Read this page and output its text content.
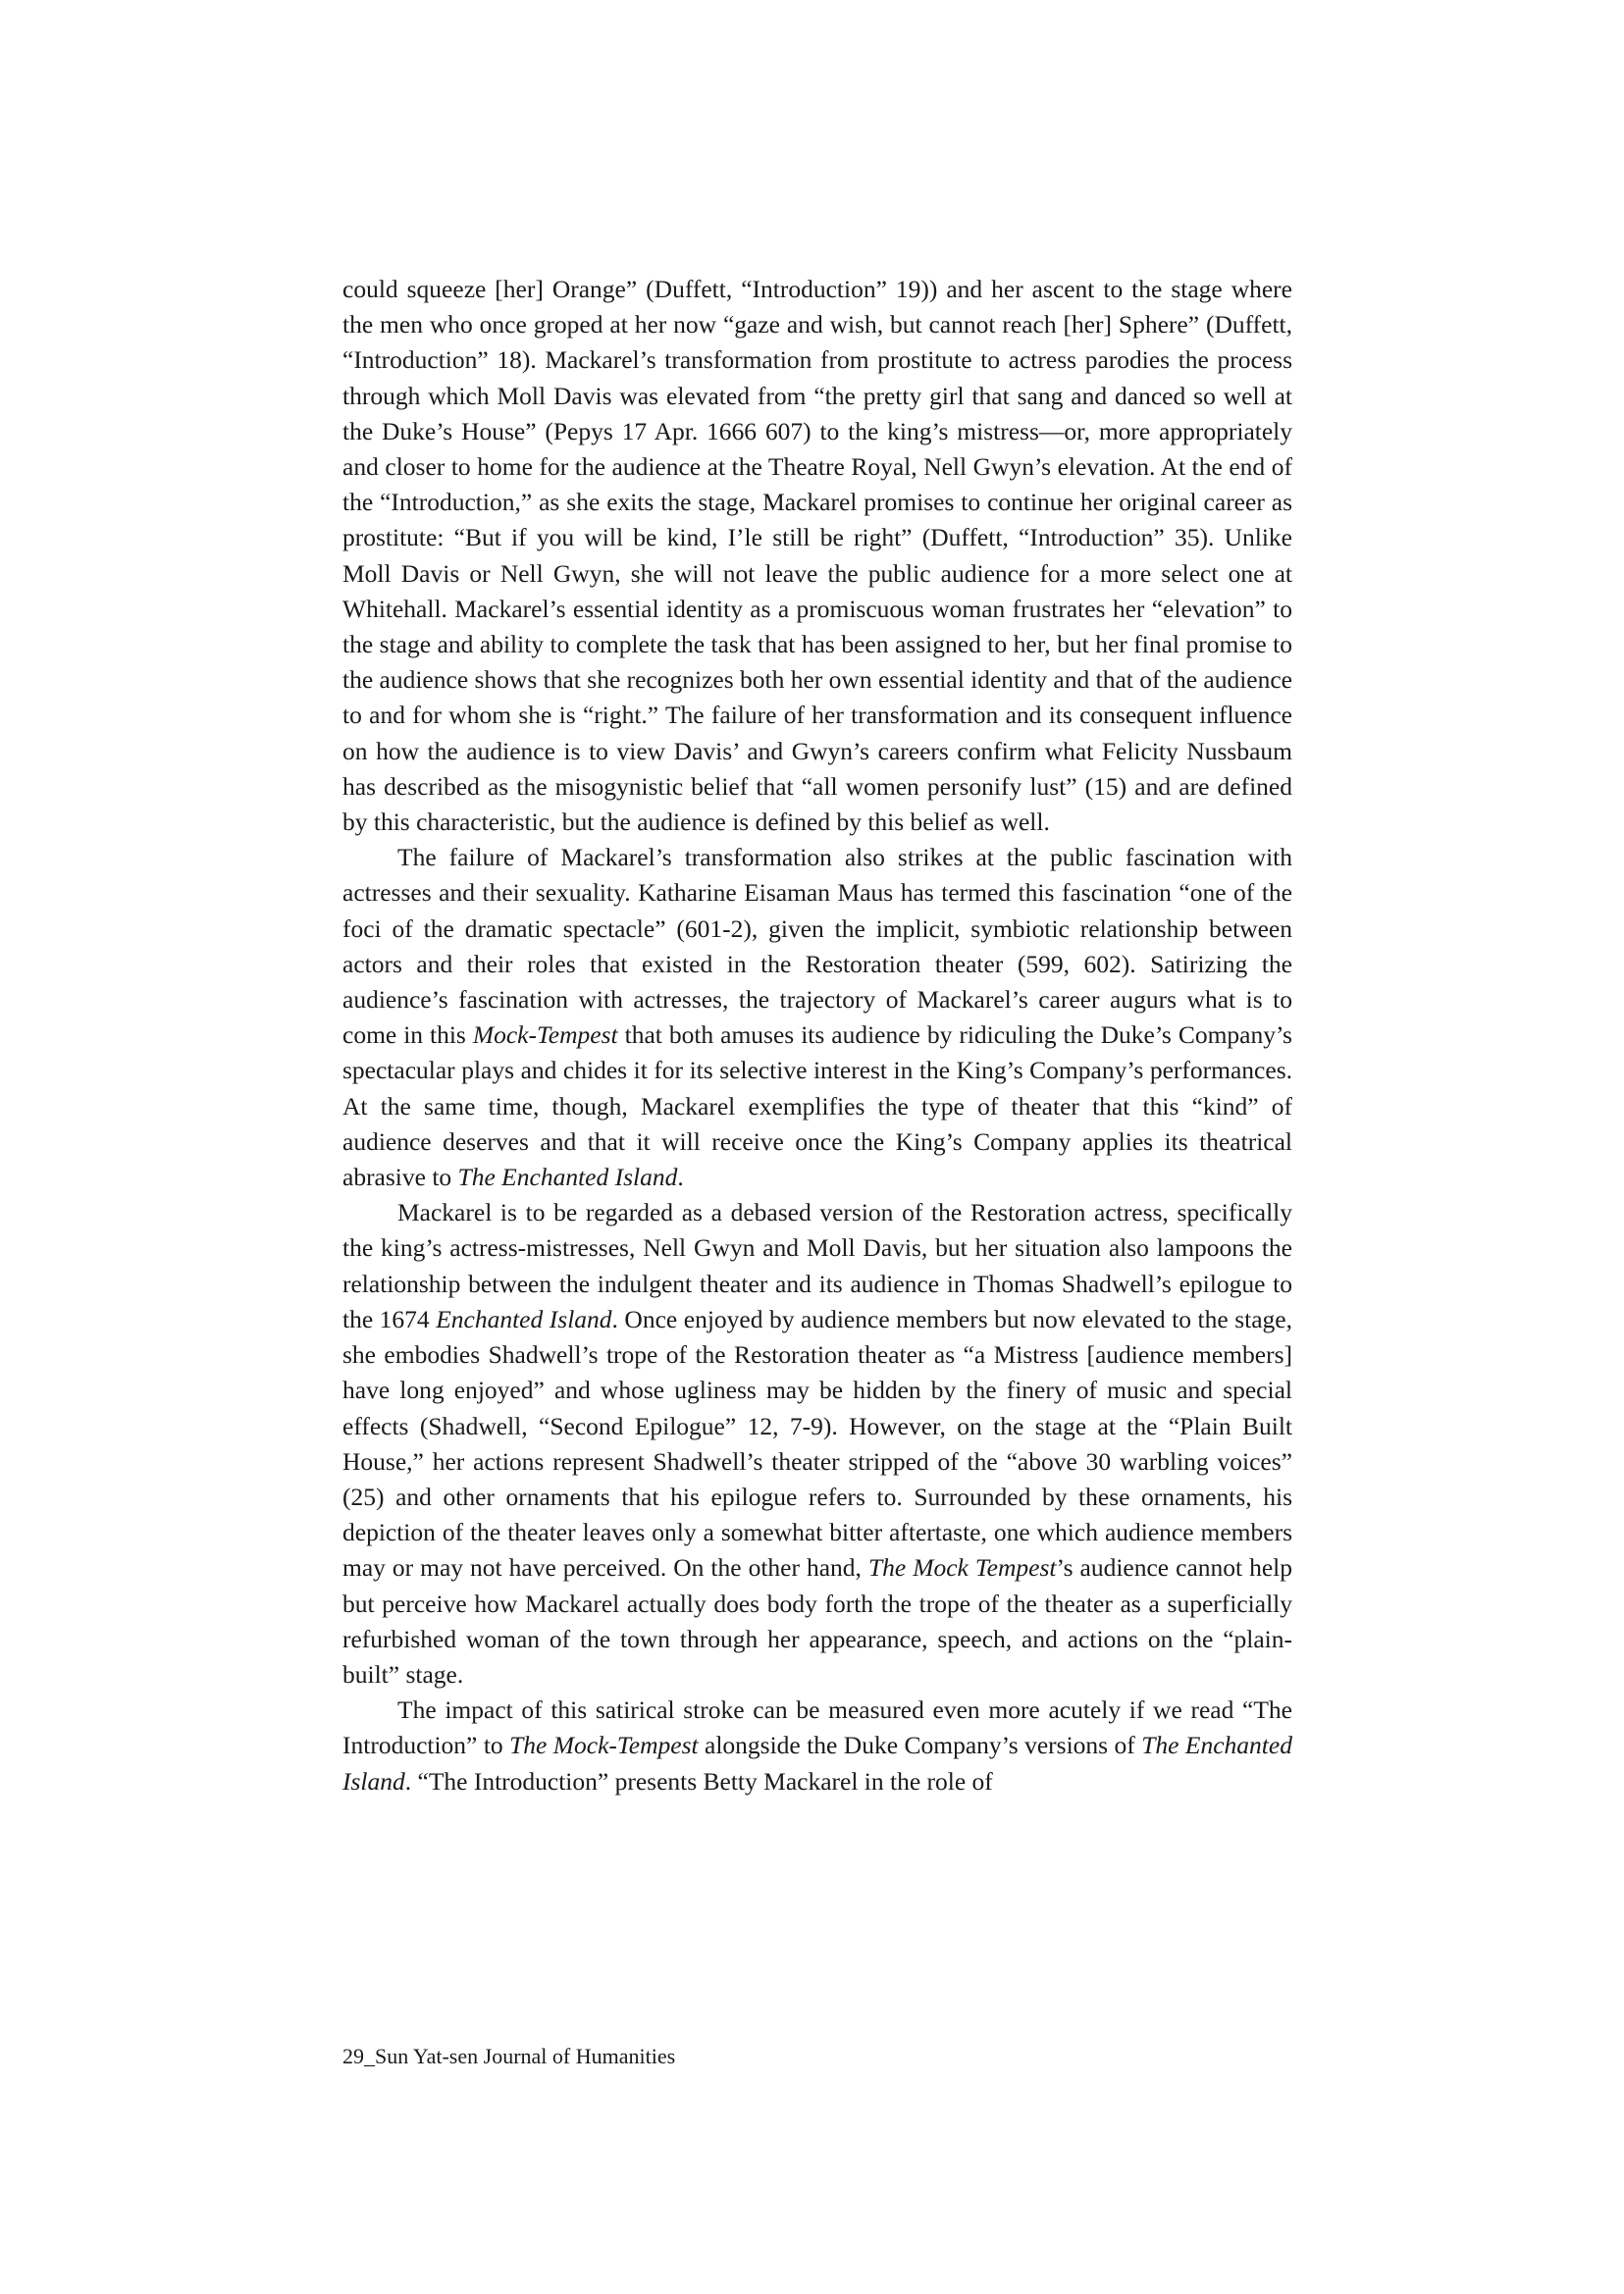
could squeeze [her] Orange” (Duffett, “Introduction” 19)) and her ascent to the stage where the men who once groped at her now “gaze and wish, but cannot reach [her] Sphere” (Duffett, “Introduction” 18). Mackarel’s transformation from prostitute to actress parodies the process through which Moll Davis was elevated from “the pretty girl that sang and danced so well at the Duke’s House” (Pepys 17 Apr. 1666 607) to the king’s mistress—or, more appropriately and closer to home for the audience at the Theatre Royal, Nell Gwyn’s elevation. At the end of the “Introduction,” as she exits the stage, Mackarel promises to continue her original career as prostitute: “But if you will be kind, I’le still be right” (Duffett, “Introduction” 35). Unlike Moll Davis or Nell Gwyn, she will not leave the public audience for a more select one at Whitehall. Mackarel’s essential identity as a promiscuous woman frustrates her “elevation” to the stage and ability to complete the task that has been assigned to her, but her final promise to the audience shows that she recognizes both her own essential identity and that of the audience to and for whom she is “right.” The failure of her transformation and its consequent influence on how the audience is to view Davis’ and Gwyn’s careers confirm what Felicity Nussbaum has described as the misogynistic belief that “all women personify lust” (15) and are defined by this characteristic, but the audience is defined by this belief as well.

The failure of Mackarel’s transformation also strikes at the public fascination with actresses and their sexuality. Katharine Eisaman Maus has termed this fascination “one of the foci of the dramatic spectacle” (601-2), given the implicit, symbiotic relationship between actors and their roles that existed in the Restoration theater (599, 602). Satirizing the audience’s fascination with actresses, the trajectory of Mackarel’s career augurs what is to come in this Mock-Tempest that both amuses its audience by ridiculing the Duke’s Company’s spectacular plays and chides it for its selective interest in the King’s Company’s performances. At the same time, though, Mackarel exemplifies the type of theater that this “kind” of audience deserves and that it will receive once the King’s Company applies its theatrical abrasive to The Enchanted Island.

Mackarel is to be regarded as a debased version of the Restoration actress, specifically the king’s actress-mistresses, Nell Gwyn and Moll Davis, but her situation also lampoons the relationship between the indulgent theater and its audience in Thomas Shadwell’s epilogue to the 1674 Enchanted Island. Once enjoyed by audience members but now elevated to the stage, she embodies Shadwell’s trope of the Restoration theater as “a Mistress [audience members] have long enjoyed” and whose ugliness may be hidden by the finery of music and special effects (Shadwell, “Second Epilogue” 12, 7-9). However, on the stage at the “Plain Built House,” her actions represent Shadwell’s theater stripped of the “above 30 warbling voices” (25) and other ornaments that his epilogue refers to. Surrounded by these ornaments, his depiction of the theater leaves only a somewhat bitter aftertaste, one which audience members may or may not have perceived. On the other hand, The Mock Tempest’s audience cannot help but perceive how Mackarel actually does body forth the trope of the theater as a superficially refurbished woman of the town through her appearance, speech, and actions on the “plain-built” stage.

The impact of this satirical stroke can be measured even more acutely if we read “The Introduction” to The Mock-Tempest alongside the Duke Company’s versions of The Enchanted Island. “The Introduction” presents Betty Mackarel in the role of

29_Sun Yat-sen Journal of Humanities
